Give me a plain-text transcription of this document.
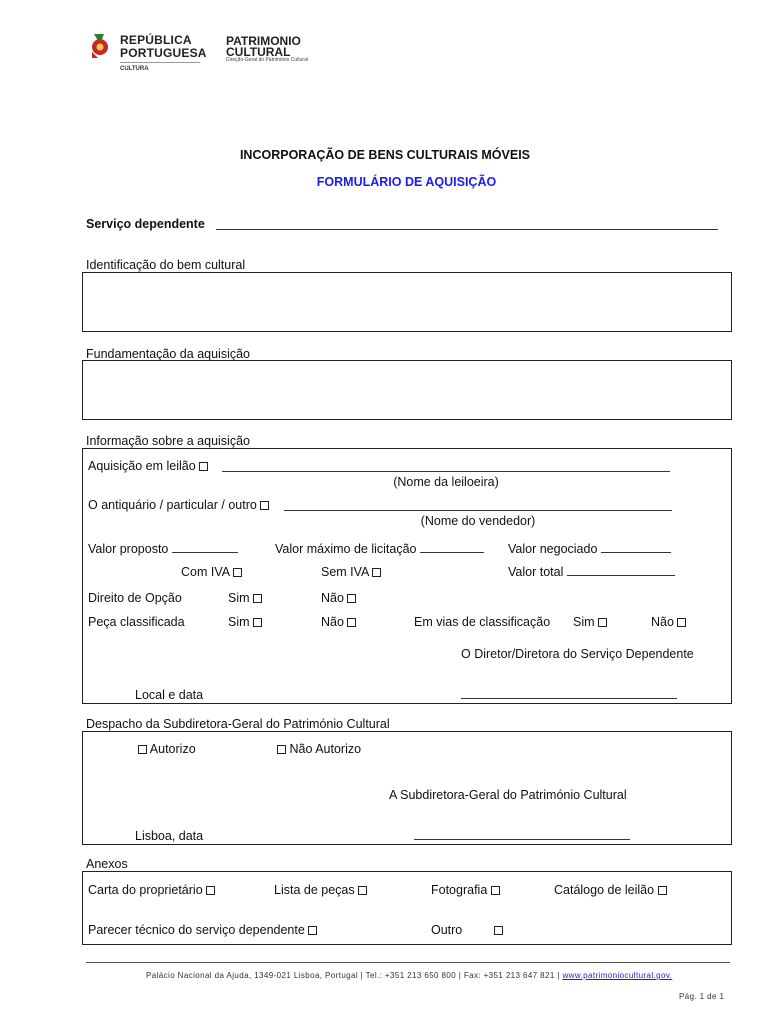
REPÚBLICA
PORTUGUESA
CULTURA
PATRIMONIO
CULTURAL
Direção-Geral do Património Cultural
INCORPORAÇÃO DE BENS CULTURAIS MÓVEIS
FORMULÁRIO DE AQUISIÇÃO
Serviço dependente
Identificação do bem cultural
Fundamentação da aquisição
Informação sobre a aquisição
Aquisição em leilão
(Nome da leiloeira)
O antiquário / particular / outro
(Nome do vendedor)
Valor proposto	Valor máximo de licitação	Valor negociado
Com IVA	Sem IVA	Valor total
Direito de Opção	Sim	Não
Peça classificada	Sim	Não	Em vias de classificação Sim	Não
O Diretor/Diretora do Serviço Dependente
Local e data
Despacho da Subdiretora-Geral do Património Cultural
Autorizo	Não Autorizo
A Subdiretora-Geral do Património Cultural
Lisboa, data
Anexos
Carta do proprietário	Lista de peças	Fotografia	Catálogo de leilão
Parecer técnico do serviço dependente	Outro
Palácio Nacional da Ajuda, 1349-021 Lisboa, Portugal | Tel.: +351 213 650 800 | Fax: +351 213 647 821 | www.patrimoniocultural.gov.
Pág. 1 de 1
